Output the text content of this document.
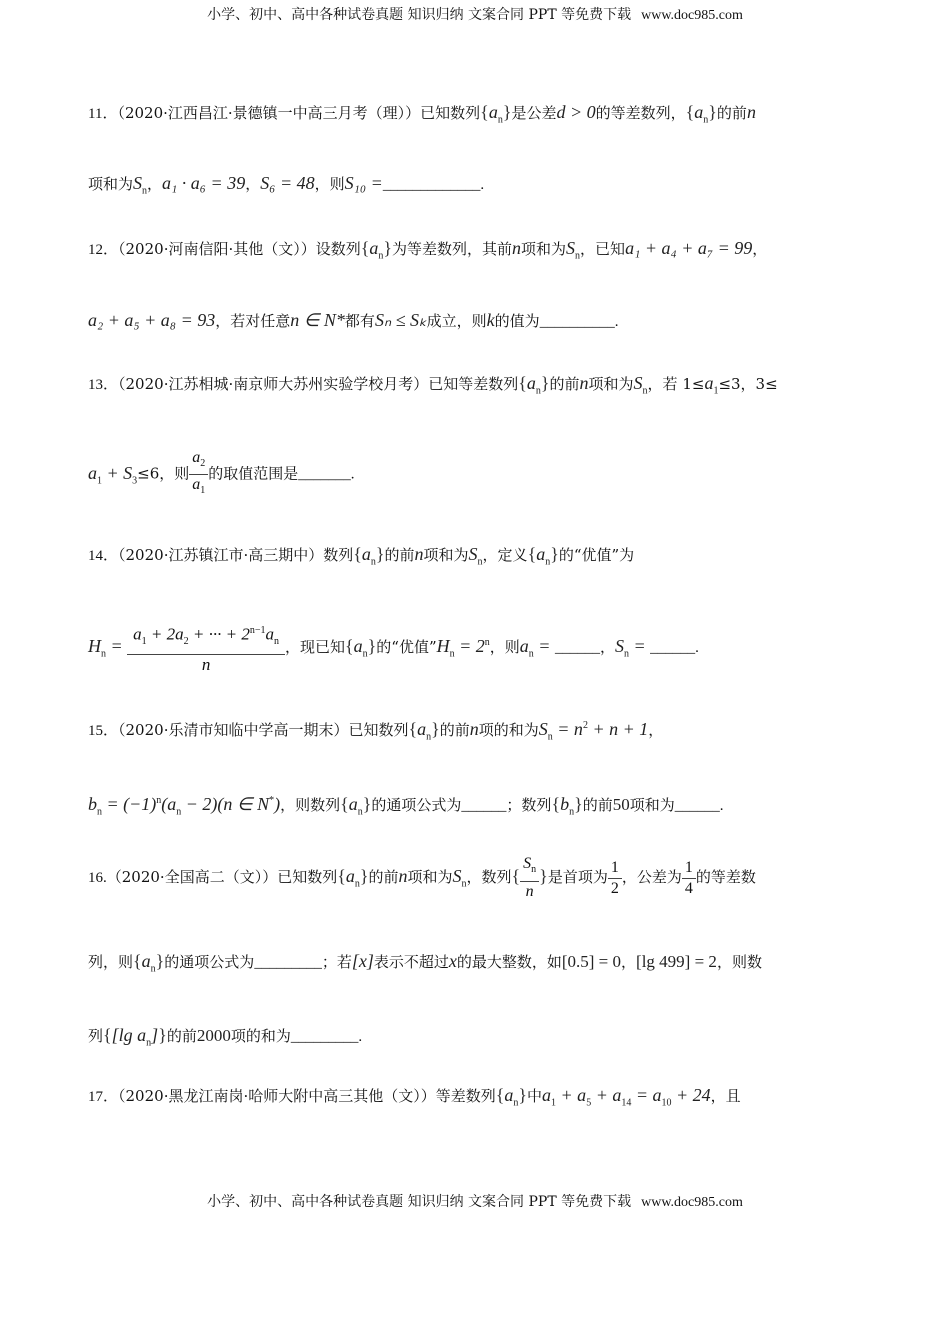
小学、初中、高中各种试卷真题 知识归纳 文案合同 PPT 等免费下载 www.doc985.com
11．（2020·江西昌江·景德镇一中高三月考（理））已知数列$\{a_n\}$是公差d > 0的等差数列，$\{a_n\}$的前n
项和为$S_n$，a₁ · a₆ = 39，S₆ = 48，则S₁₀ =_____________.
12．（2020·河南信阳·其他（文））设数列$\{a_n\}$为等差数列，其前n项和为$S_n$，已知a₁ + a₄ + a₇ = 99，
a₂ + a₅ + a₈ = 93，若对任意n ∈ N*都有Sₙ ≤ Sₖ成立，则k的值为__________.
13．（2020·江苏相城·南京师大苏州实验学校月考）已知等差数列$\{a_n\}$的前n项和为$S_n$，若 $1\le a_1\le 3$，3≤
$a_1 + S_3\le 6$，则 $\frac{a_2}{a_1}$ 的取值范围是_______.
14．（2020·江苏镇江市·高三期中）数列$\{a_n\}$的前n项和为$S_n$，定义$\{a_n\}$的“优值”为
$H_n = \frac{a_1 + 2a_2 + \cdot\cdot\cdot + 2^{n-1}a_n}{n}$ ，现已知$\{a_n\}$的“优值$”H_n = 2^n$，则$a_n$ = ______，$S_n$ = ______.
15．（2020·乐清市知临中学高一期末）已知数列$\{a_n\}$的前n项的和为$S_n = n^2 + n + 1$，
$b_n = (-1)^n(a_n - 2)(n$ ∈ N*)，则数列$\{a_n\}$的通项公式为______；数列$\{b_n\}$的前50项和为______.
16.（2020·全国高二（文））已知数列$\{a_n\}$的前n项和为$S_n$，数列{ $\frac{S_n}{n}$ }是首项为 $\frac{1}{2}$ ，公差为 $\frac{1}{4}$ 的等差数
列，则$\{a_n\}$的通项公式为_________；若[x]表示不超过x的最大整数，如[0.5] = 0，[lg 499] = 2，则数
列{[lg $a_n$]}的前2000项的和为_________.
17．（2020·黑龙江南岗·哈师大附中高三其他（文））等差数列$\{a_n\}$中$a_1 + a_5 + a_{14} = a_{10} + 24$，且
小学、初中、高中各种试卷真题 知识归纳 文案合同 PPT 等免费下载 www.doc985.com
